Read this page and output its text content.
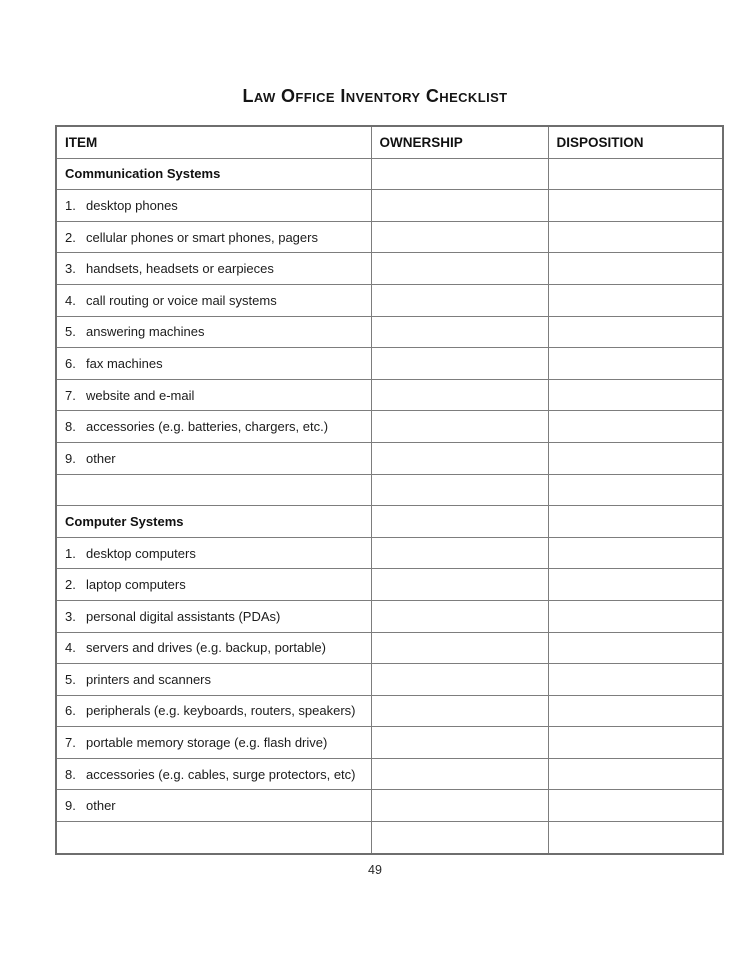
Law Office Inventory Checklist
ITEM	OWNERSHIP	DISPOSITION
Communication Systems		
1. desktop phones		
2. cellular phones or smart phones, pagers		
3. handsets, headsets or earpieces		
4. call routing or voice mail systems		
5. answering machines		
6. fax machines		
7. website and e-mail		
8. accessories (e.g. batteries, chargers, etc.)		
9. other		

Computer Systems		
1. desktop computers		
2. laptop computers		
3. personal digital assistants (PDAs)		
4. servers and drives (e.g. backup, portable)		
5. printers and scanners		
6. peripherals (e.g. keyboards, routers, speakers)		
7. portable memory storage (e.g. flash drive)		
8. accessories (e.g. cables, surge protectors, etc)		
9. other		

49
